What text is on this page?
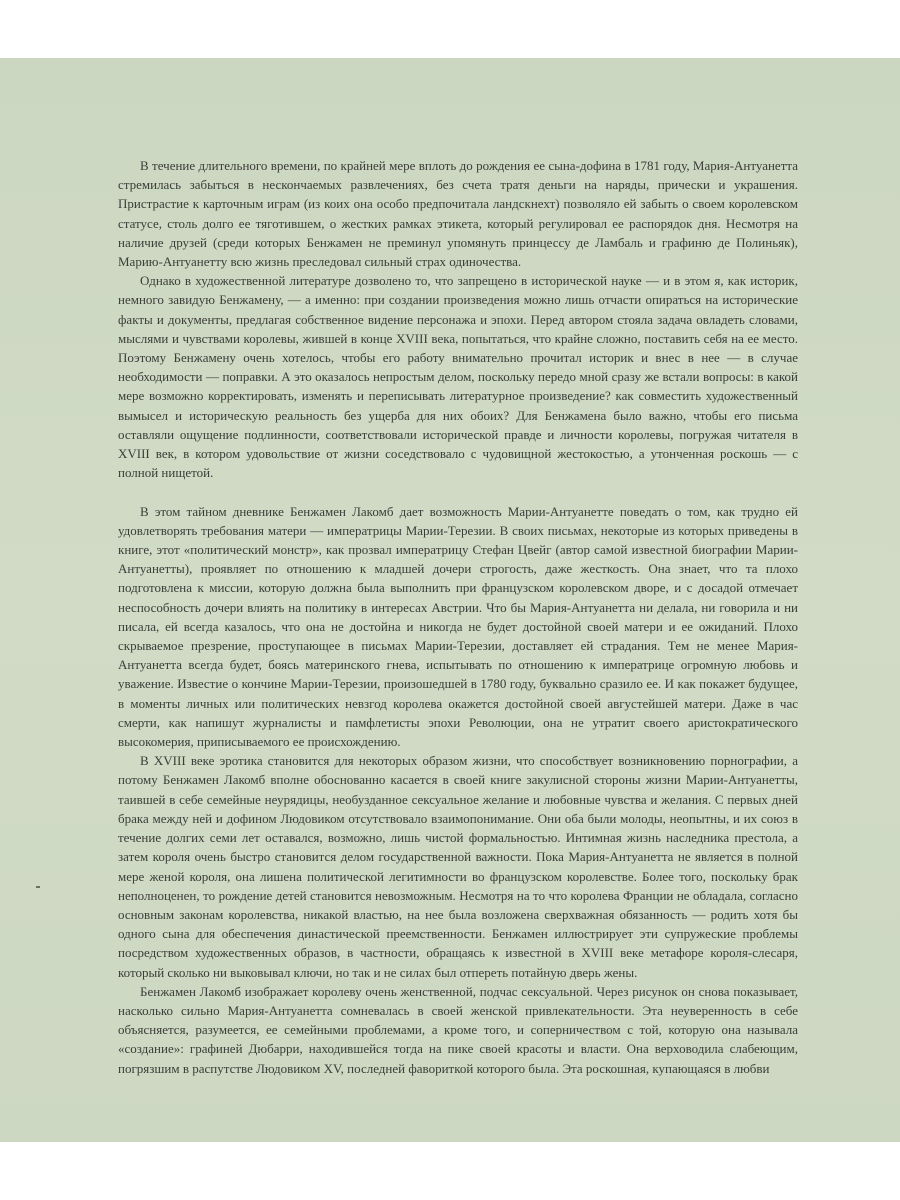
В течение длительного времени, по крайней мере вплоть до рождения ее сына-дофина в 1781 году, Мария-Антуанетта стремилась забыться в нескончаемых развлечениях, без счета тратя деньги на наряды, прически и украшения. Пристрастие к карточным играм (из коих она особо предпочитала ландскнехт) позволяло ей забыть о своем королевском статусе, столь долго ее тяготившем, о жестких рамках этикета, который регулировал ее распорядок дня. Несмотря на наличие друзей (среди которых Бенжамен не преминул упомянуть принцессу де Ламбаль и графиню де Полиньяк), Марию-Антуанетту всю жизнь преследовал сильный страх одиночества.

Однако в художественной литературе дозволено то, что запрещено в исторической науке — и в этом я, как историк, немного завидую Бенжамену, — а именно: при создании произведения можно лишь отчасти опираться на исторические факты и документы, предлагая собственное видение персонажа и эпохи. Перед автором стояла задача овладеть словами, мыслями и чувствами королевы, жившей в конце XVIII века, попытаться, что крайне сложно, поставить себя на ее место. Поэтому Бенжамену очень хотелось, чтобы его работу внимательно прочитал историк и внес в нее — в случае необходимости — поправки. А это оказалось непростым делом, поскольку передо мной сразу же встали вопросы: в какой мере возможно корректировать, изменять и переписывать литературное произведение? как совместить художественный вымысел и историческую реальность без ущерба для них обоих? Для Бенжамена было важно, чтобы его письма оставляли ощущение подлинности, соответствовали исторической правде и личности королевы, погружая читателя в XVIII век, в котором удовольствие от жизни соседствовало с чудовищной жестокостью, а утонченная роскошь — с полной нищетой.

В этом тайном дневнике Бенжамен Лакомб дает возможность Марии-Антуанетте поведать о том, как трудно ей удовлетворять требования матери — императрицы Марии-Терезии. В своих письмах, некоторые из которых приведены в книге, этот «политический монстр», как прозвал императрицу Стефан Цвейг (автор самой известной биографии Марии-Антуанетты), проявляет по отношению к младшей дочери строгость, даже жесткость. Она знает, что та плохо подготовлена к миссии, которую должна была выполнить при французском королевском дворе, и с досадой отмечает неспособность дочери влиять на политику в интересах Австрии. Что бы Мария-Антуанетта ни делала, ни говорила и ни писала, ей всегда казалось, что она не достойна и никогда не будет достойной своей матери и ее ожиданий. Плохо скрываемое презрение, проступающее в письмах Марии-Терезии, доставляет ей страдания. Тем не менее Мария-Антуанетта всегда будет, боясь материнского гнева, испытывать по отношению к императрице огромную любовь и уважение. Известие о кончине Марии-Терезии, произошедшей в 1780 году, буквально сразило ее. И как покажет будущее, в моменты личных или политических невзгод королева окажется достойной своей августейшей матери. Даже в час смерти, как напишут журналисты и памфлетисты эпохи Революции, она не утратит своего аристократического высокомерия, приписываемого ее происхождению.

В XVIII веке эротика становится для некоторых образом жизни, что способствует возникновению порнографии, а потому Бенжамен Лакомб вполне обоснованно касается в своей книге закулисной стороны жизни Марии-Антуанетты, таившей в себе семейные неурядицы, необузданное сексуальное желание и любовные чувства и желания. С первых дней брака между ней и дофином Людовиком отсутствовало взаимопонимание. Они оба были молоды, неопытны, и их союз в течение долгих семи лет оставался, возможно, лишь чистой формальностью. Интимная жизнь наследника престола, а затем короля очень быстро становится делом государственной важности. Пока Мария-Антуанетта не является в полной мере женой короля, она лишена политической легитимности во французском королевстве. Более того, поскольку брак неполноценен, то рождение детей становится невозможным. Несмотря на то что королева Франции не обладала, согласно основным законам королевства, никакой властью, на нее была возложена сверхважная обязанность — родить хотя бы одного сына для обеспечения династической преемственности. Бенжамен иллюстрирует эти супружеские проблемы посредством художественных образов, в частности, обращаясь к известной в XVIII веке метафоре короля-слесаря, который сколько ни выковывал ключи, но так и не силах был отпереть потайную дверь жены.

Бенжамен Лакомб изображает королеву очень женственной, подчас сексуальной. Через рисунок он снова показывает, насколько сильно Мария-Антуанетта сомневалась в своей женской привлекательности. Эта неуверенность в себе объясняется, разумеется, ее семейными проблемами, а кроме того, и соперничеством с той, которую она называла «создание»: графиней Дюбарри, находившейся тогда на пике своей красоты и власти. Она верховодила слабеющим, погрязшим в распутстве Людовиком XV, последней фавориткой которого была. Эта роскошная, купающаяся в любви
